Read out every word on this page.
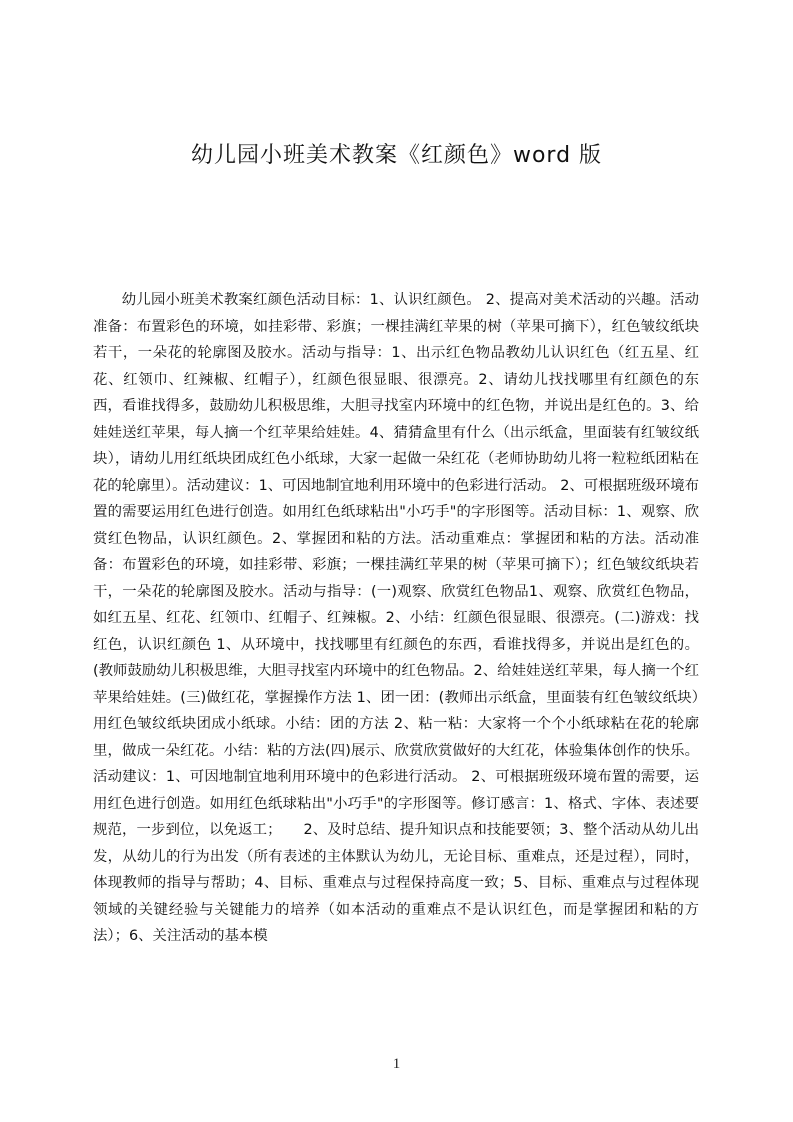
幼儿园小班美术教案《红颜色》word 版

幼儿园小班美术教案红颜色活动目标：1、认识红颜色。 2、提高对美术活动的兴趣。活动准备：布置彩色的环境，如挂彩带、彩旗；一棵挂满红苹果的树（苹果可摘下），红色皱纹纸块若干，一朵花的轮廓图及胶水。活动与指导：1、出示红色物品教幼儿认识红色（红五星、红花、红领巾、红辣椒、红帽子），红颜色很显眼、很漂亮。2、请幼儿找找哪里有红颜色的东西，看谁找得多，鼓励幼儿积极思维，大胆寻找室内环境中的红色物，并说出是红色的。3、给娃娃送红苹果，每人摘一个红苹果给娃娃。4、猜猜盒里有什么（出示纸盒，里面装有红皱纹纸块），请幼儿用红纸块团成红色小纸球，大家一起做一朵红花（老师协助幼儿将一粒粒纸团粘在花的轮廓里）。活动建议：1、可因地制宜地利用环境中的色彩进行活动。 2、可根据班级环境布置的需要运用红色进行创造。如用红色纸球粘出"小巧手"的字形图等。活动目标：1、观察、欣赏红色物品，认识红颜色。2、掌握团和粘的方法。活动重难点：掌握团和粘的方法。活动准备：布置彩色的环境，如挂彩带、彩旗；一棵挂满红苹果的树（苹果可摘下）；红色皱纹纸块若干，一朵花的轮廓图及胶水。活动与指导：(一)观察、欣赏红色物品1、观察、欣赏红色物品，如红五星、红花、红领巾、红帽子、红辣椒。2、小结：红颜色很显眼、很漂亮。(二)游戏：找红色，认识红颜色 1、从环境中，找找哪里有红颜色的东西，看谁找得多，并说出是红色的。(教师鼓励幼儿积极思维，大胆寻找室内环境中的红色物品。2、给娃娃送红苹果，每人摘一个红苹果给娃娃。(三)做红花，掌握操作方法 1、团一团：(教师出示纸盒，里面装有红色皱纹纸块）用红色皱纹纸块团成小纸球。小结：团的方法 2、粘一粘：大家将一个个小纸球粘在花的轮廓里，做成一朵红花。小结：粘的方法(四)展示、欣赏欣赏做好的大红花，体验集体创作的快乐。活动建议：1、可因地制宜地利用环境中的色彩进行活动。 2、可根据班级环境布置的需要，运用红色进行创造。如用红色纸球粘出"小巧手"的字形图等。修订感言：1、格式、字体、表述要规范，一步到位，以免返工；　　2、及时总结、提升知识点和技能要领；3、整个活动从幼儿出发，从幼儿的行为出发（所有表述的主体默认为幼儿，无论目标、重难点，还是过程），同时，体现教师的指导与帮助；4、目标、重难点与过程保持高度一致；5、目标、重难点与过程体现领域的关键经验与关键能力的培养（如本活动的重难点不是认识红色，而是掌握团和粘的方法）；6、关注活动的基本模

1
